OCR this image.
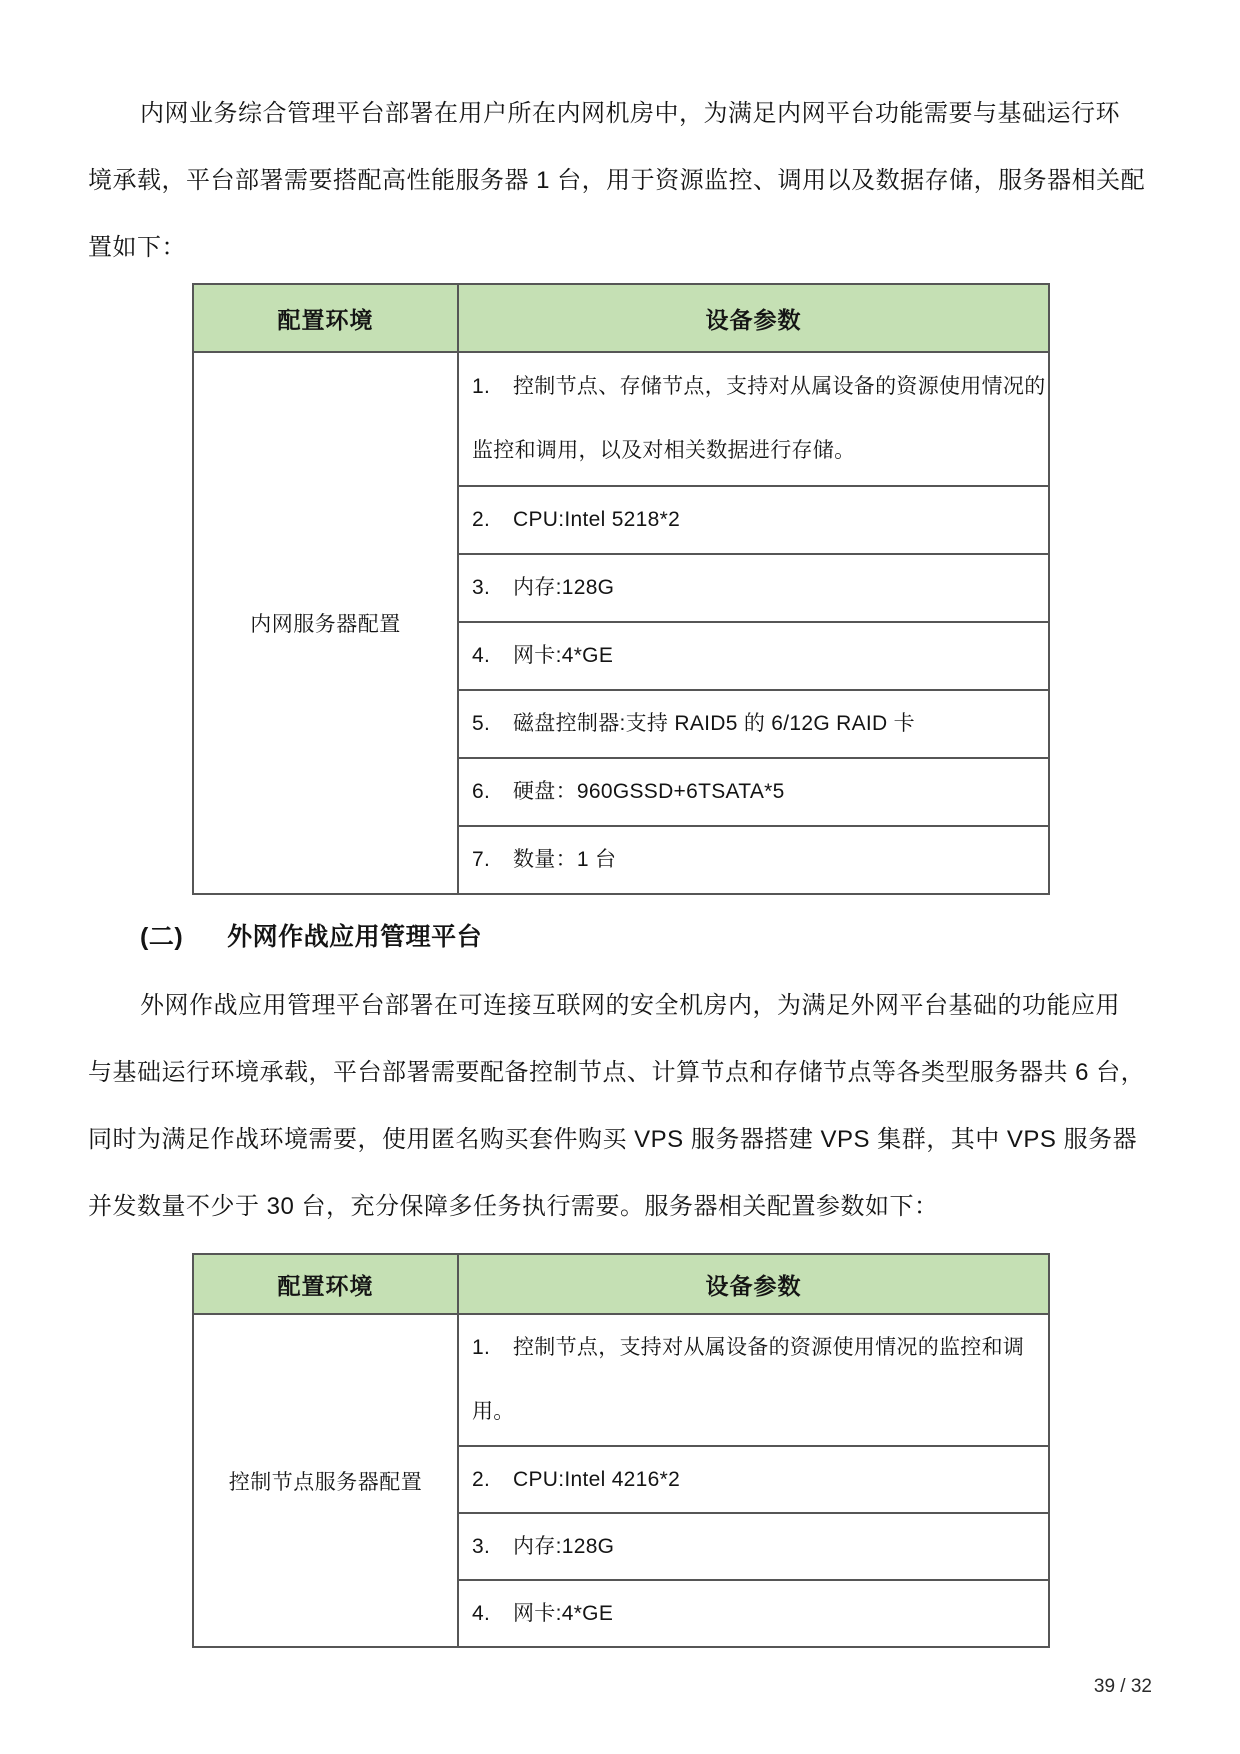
内网业务综合管理平台部署在用户所在内网机房中，为满足内网平台功能需要与基础运行环
境承载，平台部署需要搭配高性能服务器 1 台，用于资源监控、调用以及数据存储，服务器相关配
置如下：
配置环境	设备参数
内网服务器配置	1. 控制节点、存储节点，支持对从属设备的资源使用情况的
监控和调用，以及对相关数据进行存储。

	2. CPU:Intel 5218*2

	3. 内存:128G

	4. 网卡:4*GE

	5. 磁盘控制器:支持 RAID5 的 6/12G RAID 卡

	6. 硬盘：960GSSD+6TSATA*5

	7. 数量：1 台
(二) 外网作战应用管理平台
外网作战应用管理平台部署在可连接互联网的安全机房内，为满足外网平台基础的功能应用
与基础运行环境承载，平台部署需要配备控制节点、计算节点和存储节点等各类型服务器共 6 台，
同时为满足作战环境需要，使用匿名购买套件购买 VPS 服务器搭建 VPS 集群，其中 VPS 服务器
并发数量不少于 30 台，充分保障多任务执行需要。服务器相关配置参数如下：
配置环境	设备参数
控制节点服务器配置	1. 控制节点，支持对从属设备的资源使用情况的监控和调
用。

	2. CPU:Intel 4216*2

	3. 内存:128G

	4. 网卡:4*GE
39 / 32
